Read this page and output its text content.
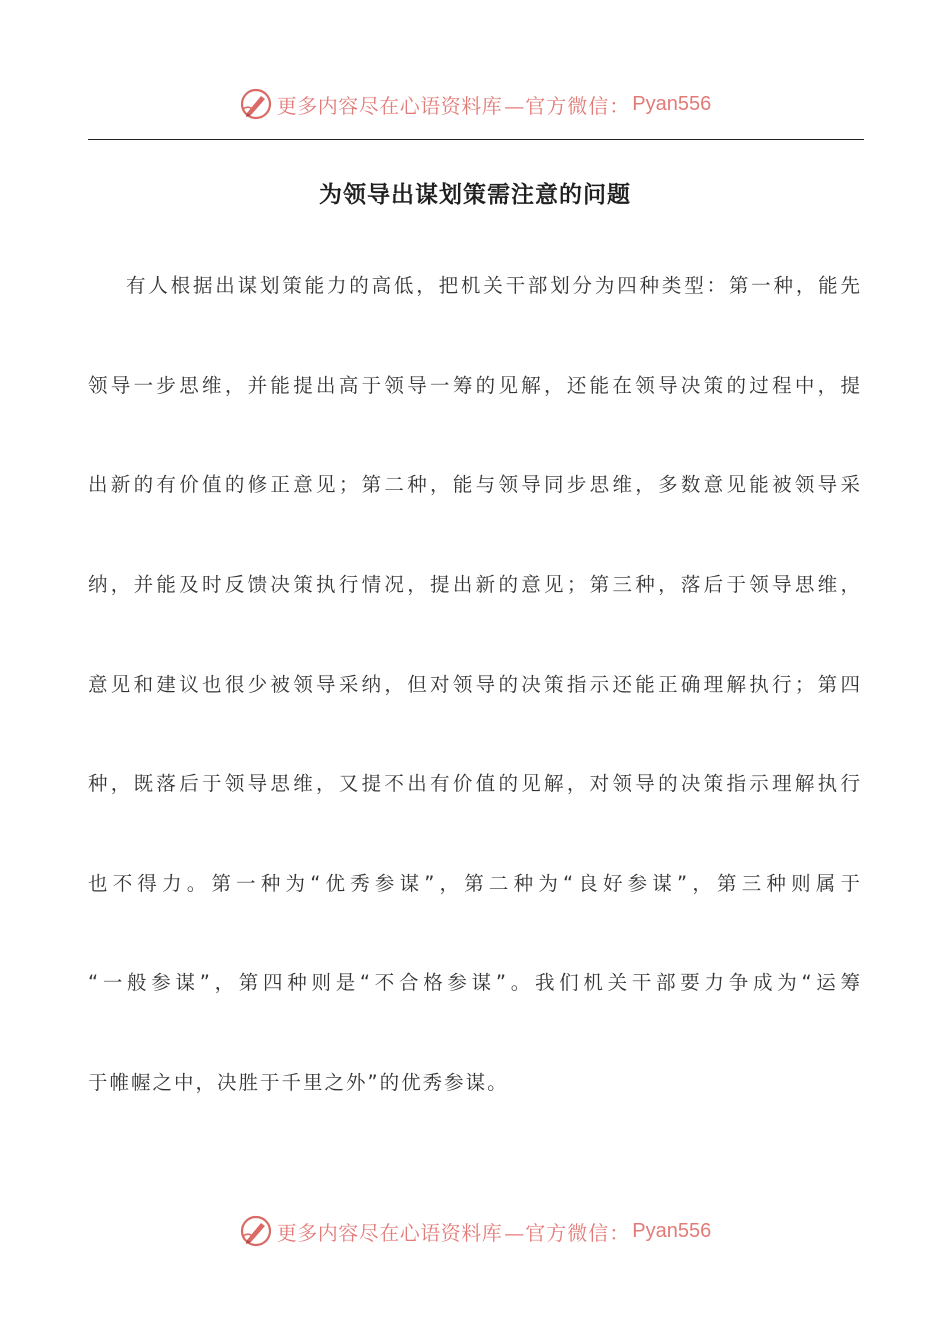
更多内容尽在心语资料库 —官方微信： Pyan556
为领导出谋划策需注意的问题

有人根据出谋划策能力的高低，把机关干部划分为四种类型：第一种，能先

领导一步思维，并能提出高于领导一筹的见解，还能在领导决策的过程中，提

出新的有价值的修正意见；第二种，能与领导同步思维，多数意见能被领导采

纳，并能及时反馈决策执行情况，提出新的意见；第三种，落后于领导思维，

意见和建议也很少被领导采纳，但对领导的决策指示还能正确理解执行；第四

种，既落后于领导思维，又提不出有价值的见解，对领导的决策指示理解执行

也不得力。第一种为“优秀参谋”，第二种为“良好参谋”，第三种则属于

“一般参谋”，第四种则是“不合格参谋”。我们机关干部要力争成为“运筹

于帷幄之中，决胜于千里之外”的优秀参谋。

更多内容尽在心语资料库 —官方微信： Pyan556
